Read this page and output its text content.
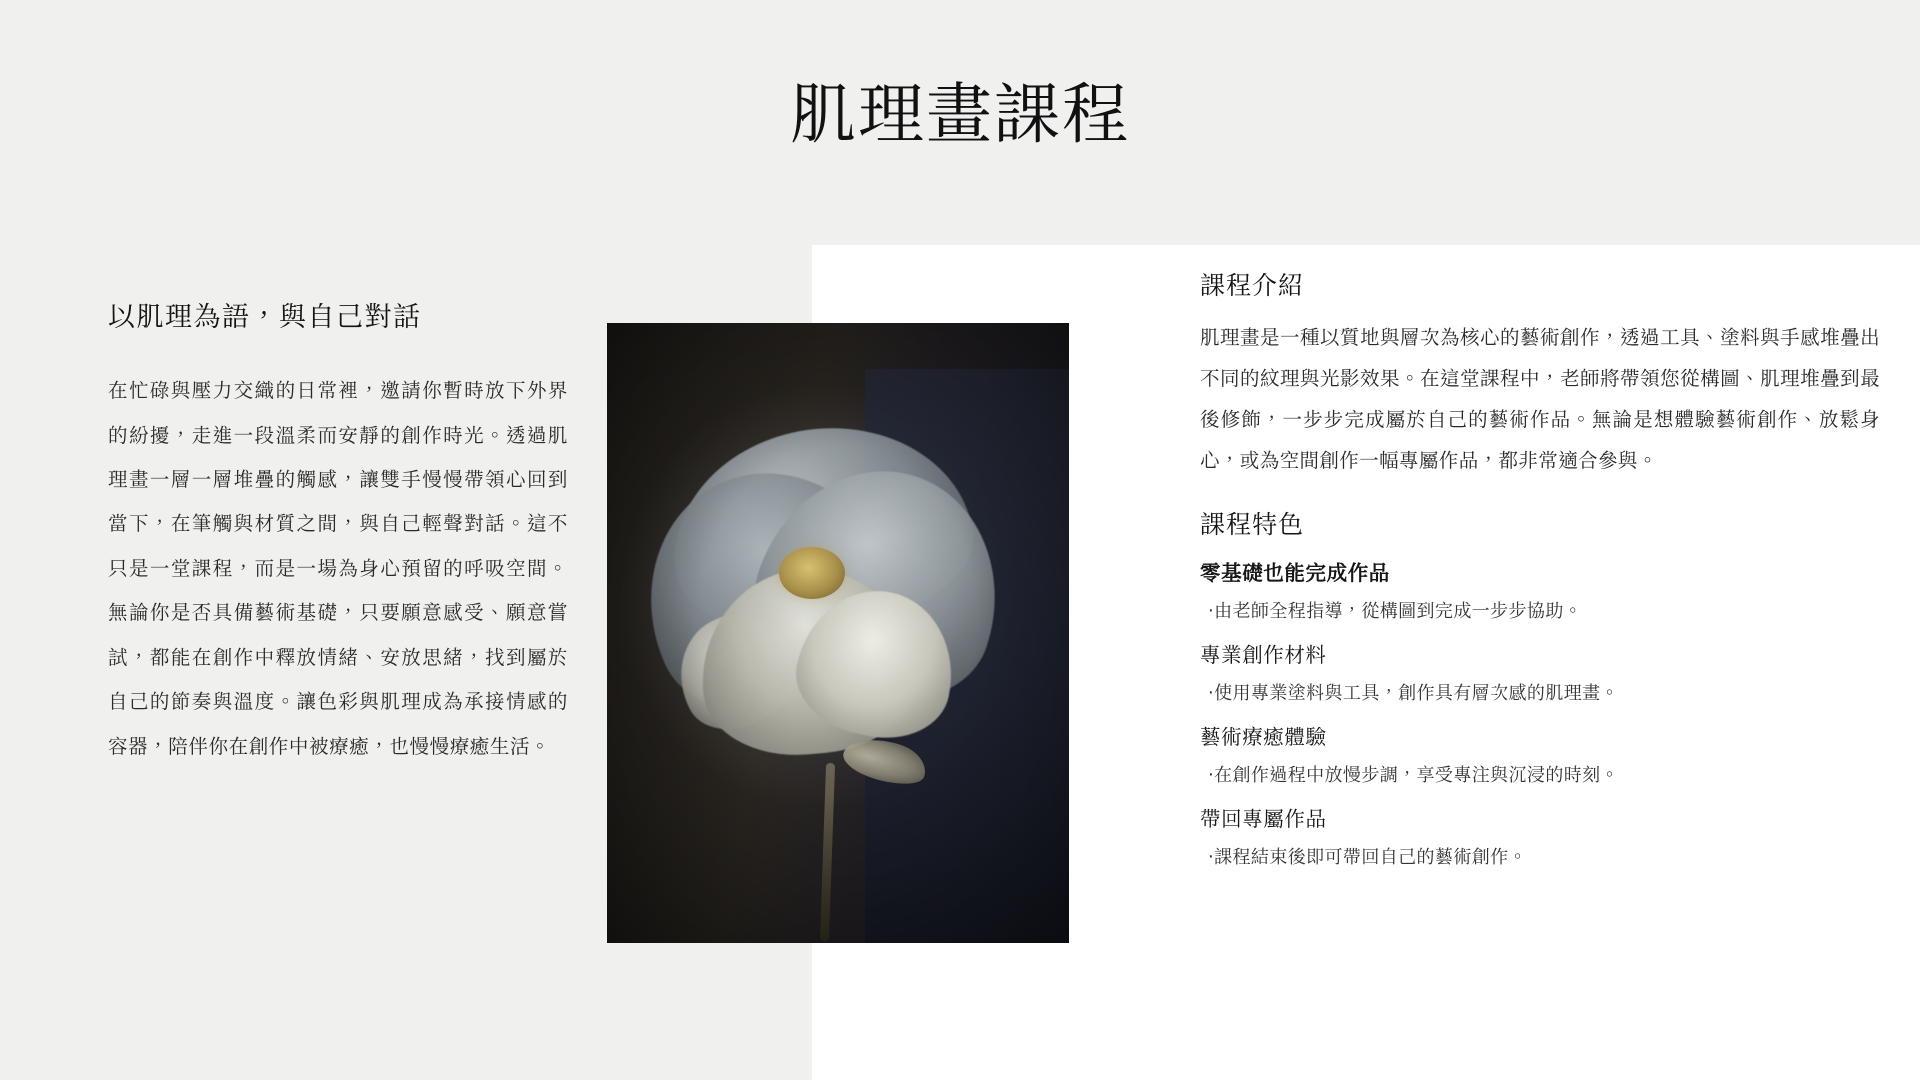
肌理畫課程
以肌理為語，與自己對話

在忙碌與壓力交織的日常裡，邀請你暫時放下外界的紛擾，走進一段溫柔而安靜的創作時光。透過肌理畫一層一層堆疊的觸感，讓雙手慢慢帶領心回到當下，在筆觸與材質之間，與自己輕聲對話。這不只是一堂課程，而是一場為身心預留的呼吸空間。無論你是否具備藝術基礎，只要願意感受、願意嘗試，都能在創作中釋放情緒、安放思緒，找到屬於自己的節奏與溫度。讓色彩與肌理成為承接情感的容器，陪伴你在創作中被療癒，也慢慢療癒生活。

課程介紹

肌理畫是一種以質地與層次為核心的藝術創作，透過工具、塗料與手感堆疊出不同的紋理與光影效果。在這堂課程中，老師將帶領您從構圖、肌理堆疊到最後修飾，一步步完成屬於自己的藝術作品。無論是想體驗藝術創作、放鬆身心，或為空間創作一幅專屬作品，都非常適合參與。

課程特色

零基礎也能完成作品

‧由老師全程指導，從構圖到完成一步步協助。

專業創作材料

‧使用專業塗料與工具，創作具有層次感的肌理畫。

藝術療癒體驗

‧在創作過程中放慢步調，享受專注與沉浸的時刻。

帶回專屬作品

‧課程結束後即可帶回自己的藝術創作。
